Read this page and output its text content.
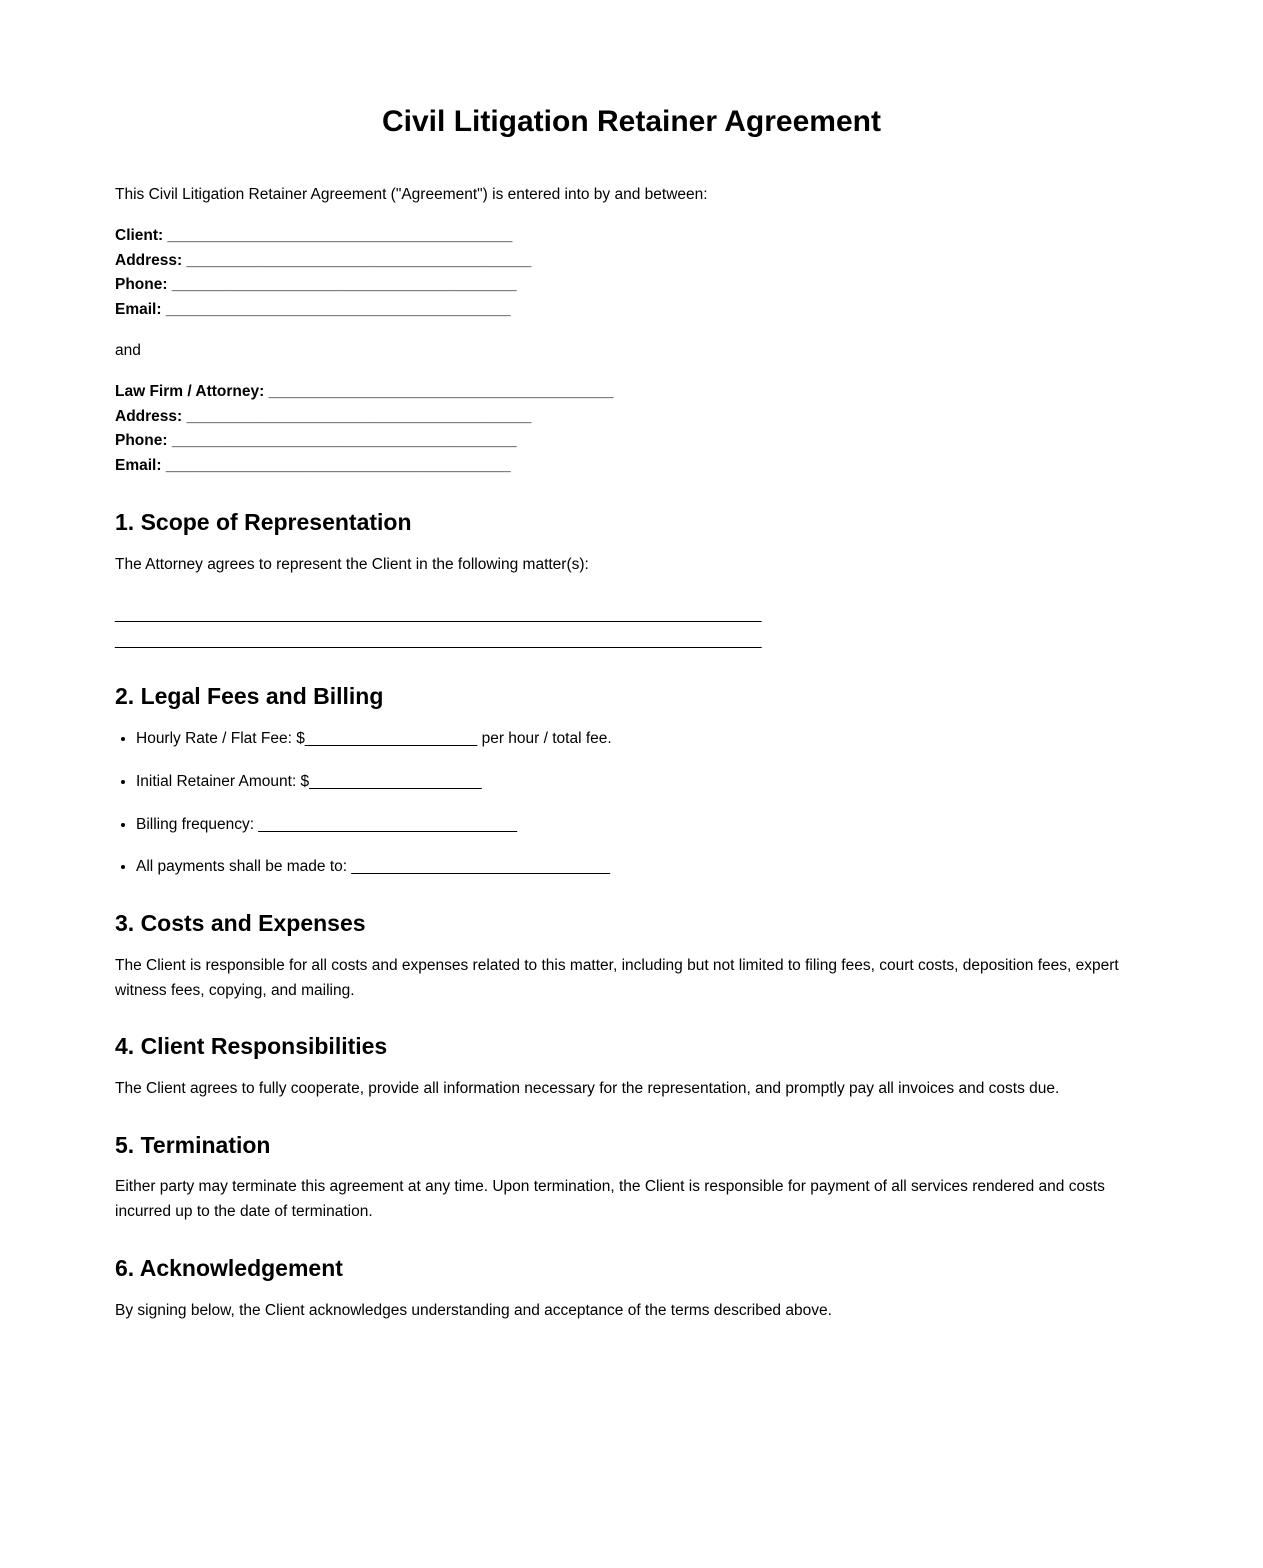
Civil Litigation Retainer Agreement

This Civil Litigation Retainer Agreement ("Agreement") is entered into by and between:

Client: ________________________________________
Address: ________________________________________
Phone: ________________________________________
Email: ________________________________________

and

Law Firm / Attorney: ________________________________________
Address: ________________________________________
Phone: ________________________________________
Email: ________________________________________

1. Scope of Representation

The Attorney agrees to represent the Client in the following matter(s):

___________________________________________________________________________
___________________________________________________________________________

2. Legal Fees and Billing
• Hourly Rate / Flat Fee: $____________________ per hour / total fee.
• Initial Retainer Amount: $____________________
• Billing frequency: ______________________________
• All payments shall be made to: ______________________________
3. Costs and Expenses

The Client is responsible for all costs and expenses related to this matter, including but not limited to filing fees, court costs, deposition fees, expert witness fees, copying, and mailing.

4. Client Responsibilities

The Client agrees to fully cooperate, provide all information necessary for the representation, and promptly pay all invoices and costs due.

5. Termination

Either party may terminate this agreement at any time. Upon termination, the Client is responsible for payment of all services rendered and costs incurred up to the date of termination.

6. Acknowledgement

By signing below, the Client acknowledges understanding and acceptance of the terms described above.
